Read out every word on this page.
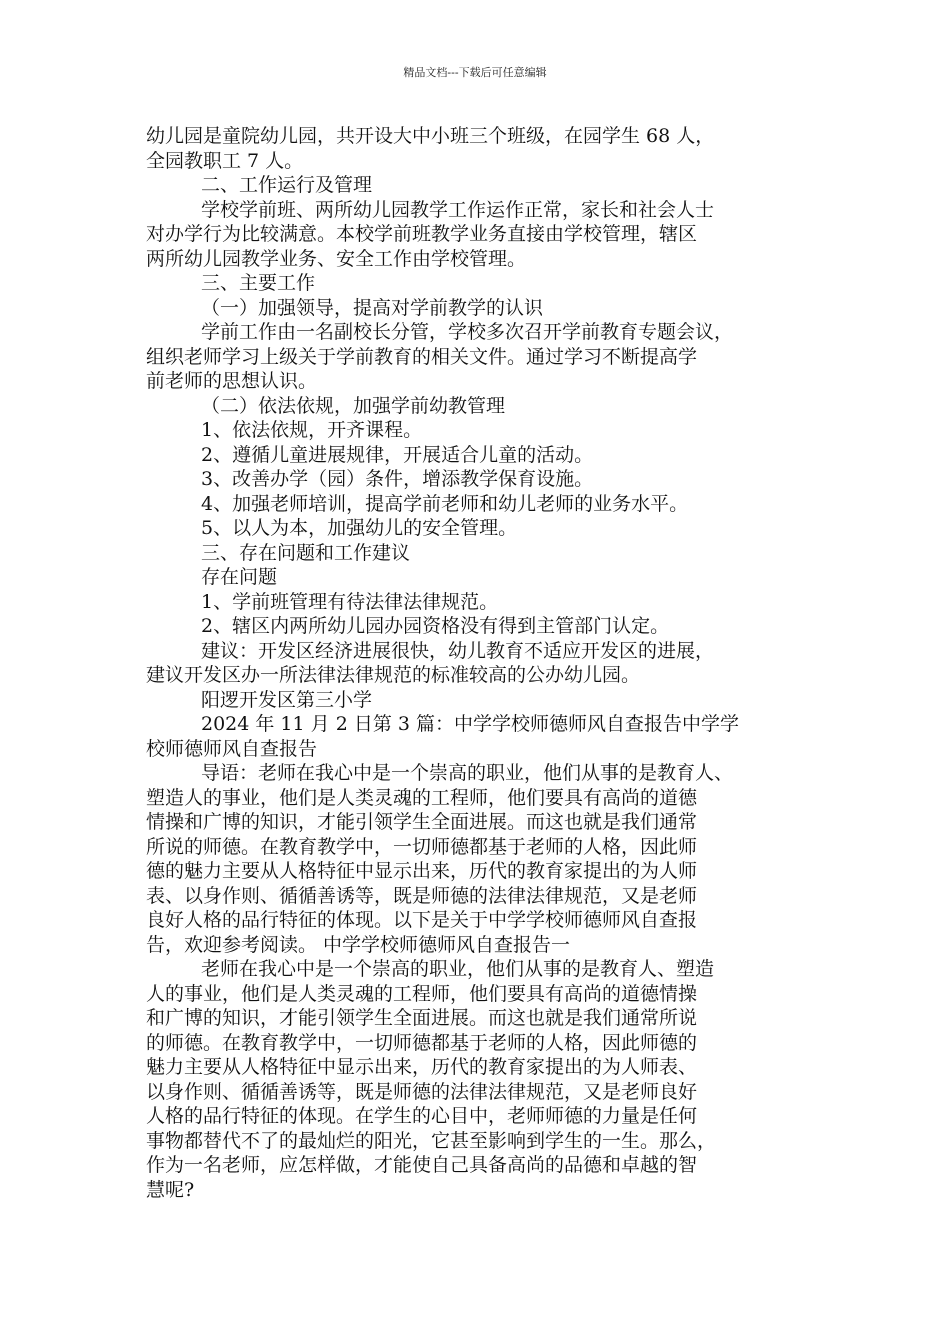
精品文档---下载后可任意编辑
幼儿园是童院幼儿园，共开设大中小班三个班级，在园学生 68 人，
全园教职工 7 人。
二、工作运行及管理
学校学前班、两所幼儿园教学工作运作正常，家长和社会人士
对办学行为比较满意。本校学前班教学业务直接由学校管理，辖区
两所幼儿园教学业务、安全工作由学校管理。
三、主要工作
（一）加强领导，提高对学前教学的认识
学前工作由一名副校长分管，学校多次召开学前教育专题会议，
组织老师学习上级关于学前教育的相关文件。通过学习不断提高学
前老师的思想认识。
（二）依法依规，加强学前幼教管理
1、依法依规，开齐课程。
2、遵循儿童进展规律，开展适合儿童的活动。
3、改善办学（园）条件，增添教学保育设施。
4、加强老师培训，提高学前老师和幼儿老师的业务水平。
5、以人为本，加强幼儿的安全管理。
三、存在问题和工作建议
存在问题
1、学前班管理有待法律法律规范。
2、辖区内两所幼儿园办园资格没有得到主管部门认定。
建议：开发区经济进展很快，幼儿教育不适应开发区的进展，
建议开发区办一所法律法律规范的标准较高的公办幼儿园。
阳逻开发区第三小学
2024 年 11 月 2 日第 3 篇：中学学校师德师风自查报告中学学
校师德师风自查报告
导语：老师在我心中是一个崇高的职业，他们从事的是教育人、
塑造人的事业，他们是人类灵魂的工程师，他们要具有高尚的道德
情操和广博的知识，才能引领学生全面进展。而这也就是我们通常
所说的师德。在教育教学中，一切师德都基于老师的人格，因此师
德的魅力主要从人格特征中显示出来，历代的教育家提出的为人师
表、以身作则、循循善诱等，既是师德的法律法律规范，又是老师
良好人格的品行特征的体现。以下是关于中学学校师德师风自查报
告，欢迎参考阅读。 中学学校师德师风自查报告一
老师在我心中是一个崇高的职业，他们从事的是教育人、塑造
人的事业，他们是人类灵魂的工程师，他们要具有高尚的道德情操
和广博的知识，才能引领学生全面进展。而这也就是我们通常所说
的师德。在教育教学中，一切师德都基于老师的人格，因此师德的
魅力主要从人格特征中显示出来，历代的教育家提出的为人师表、
以身作则、循循善诱等，既是师德的法律法律规范，又是老师良好
人格的品行特征的体现。在学生的心目中，老师师德的力量是任何
事物都替代不了的最灿烂的阳光，它甚至影响到学生的一生。那么，
作为一名老师，应怎样做，才能使自己具备高尚的品德和卓越的智
慧呢?
